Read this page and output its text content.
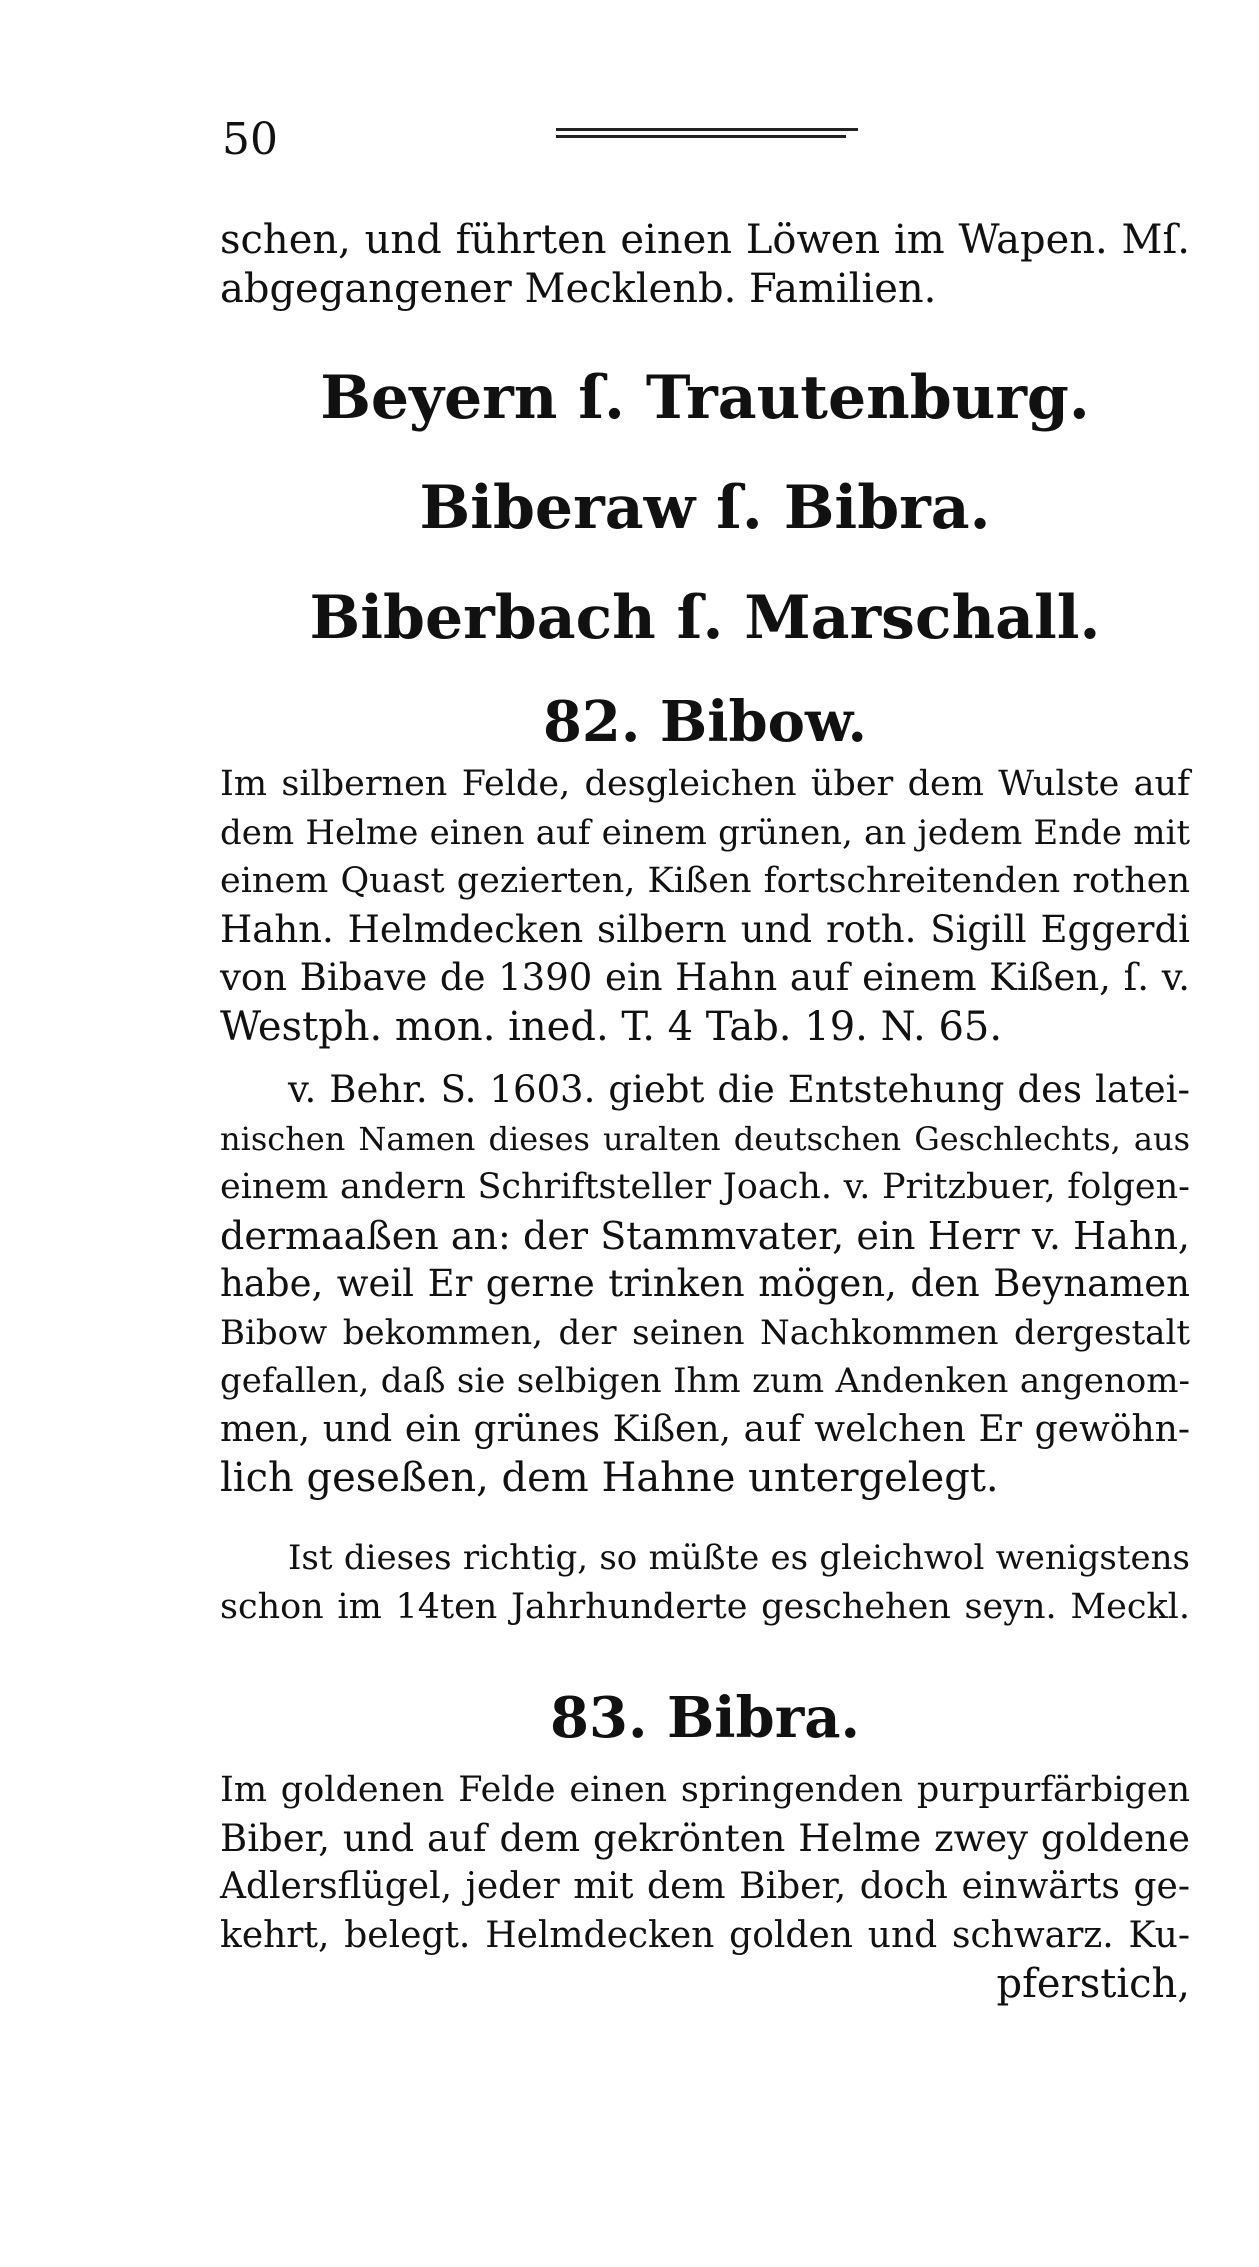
50

schen, und führten einen Löwen im Wapen. Mſ.
abgegangener Mecklenb. Familien.

Beyern ſ. Trautenburg.
Biberaw ſ. Bibra.
Biberbach ſ. Marschall.
82. Bibow.

Im silbernen Felde, desgleichen über dem Wulste auf
dem Helme einen auf einem grünen, an jedem Ende mit
einem Quast gezierten, Kißen fortschreitenden rothen
Hahn. Helmdecken silbern und roth. Sigill Eggerdi
von Bibave de 1390 ein Hahn auf einem Kißen, ſ. v.
Westph. mon. ined. T. 4 Tab. 19. N. 65.

v. Behr. S. 1603. giebt die Entstehung des latei-
nischen Namen dieses uralten deutschen Geschlechts, aus
einem andern Schriftsteller Joach. v. Pritzbuer, folgen-
dermaaßen an: der Stammvater, ein Herr v. Hahn,
habe, weil Er gerne trinken mögen, den Beynamen
Bibow bekommen, der seinen Nachkommen dergestalt
gefallen, daß sie selbigen Ihm zum Andenken angenom-
men, und ein grünes Kißen, auf welchen Er gewöhn-
lich geseßen, dem Hahne untergelegt.

Ist dieses richtig, so müßte es gleichwol wenigstens
schon im 14ten Jahrhunderte geschehen seyn. Meckl.

83. Bibra.

Im goldenen Felde einen springenden purpurfärbigen
Biber, und auf dem gekrönten Helme zwey goldene
Adlersflügel, jeder mit dem Biber, doch einwärts ge-
kehrt, belegt. Helmdecken golden und schwarz. Ku-
pferstich,
